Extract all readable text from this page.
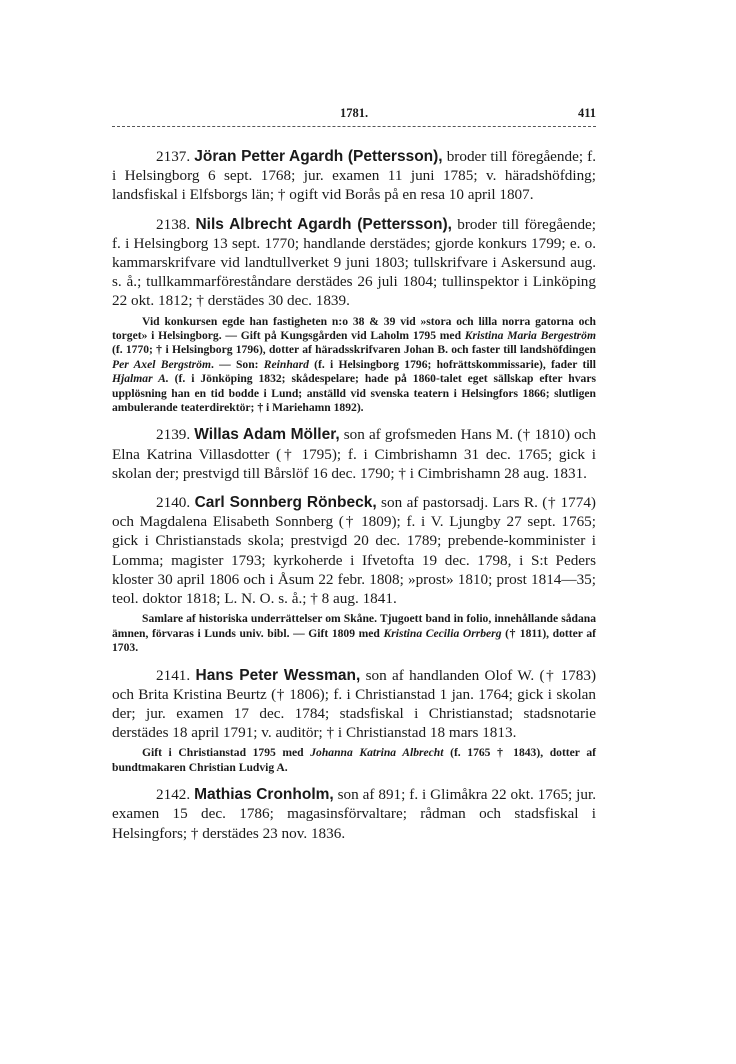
1781.	411

2137. Jöran Petter Agardh (Pettersson), broder till föregående; f. i Helsingborg 6 sept. 1768; jur. examen 11 juni 1785; v. häradshöfding; landsfiskal i Elfsborgs län; † ogift vid Borås på en resa 10 april 1807.

2138. Nils Albrecht Agardh (Pettersson), broder till föregående; f. i Helsingborg 13 sept. 1770; handlande derstädes; gjorde konkurs 1799; e. o. kammarskrifvare vid landtullverket 9 juni 1803; tullskrifvare i Askersund aug. s. å.; tullkammarföreståndare derstädes 26 juli 1804; tullinspektor i Linköping 22 okt. 1812; † derstädes 30 dec. 1839.

Vid konkursen egde han fastigheten n:o 38 & 39 vid »stora och lilla norra gatorna och torget» i Helsingborg. — Gift på Kungsgården vid Laholm 1795 med Kristina Maria Bergeström (f. 1770; † i Helsingborg 1796), dotter af häradsskrifvaren Johan B. och faster till landshöfdingen Per Axel Bergström. — Son: Reinhard (f. i Helsingborg 1796; hofrättskommissarie), fader till Hjalmar A. (f. i Jönköping 1832; skådespelare; hade på 1860-talet eget sällskap efter hvars upplösning han en tid bodde i Lund; anställd vid svenska teatern i Helsingfors 1866; slutligen ambulerande teaterdirektör; † i Mariehamn 1892).

2139. Willas Adam Möller, son af grofsmeden Hans M. († 1810) och Elna Katrina Villasdotter († 1795); f. i Cimbrishamn 31 dec. 1765; gick i skolan der; prestvigd till Bårslöf 16 dec. 1790; † i Cimbrishamn 28 aug. 1831.

2140. Carl Sonnberg Rönbeck, son af pastorsadj. Lars R. († 1774) och Magdalena Elisabeth Sonnberg († 1809); f. i V. Ljungby 27 sept. 1765; gick i Christianstads skola; prestvigd 20 dec. 1789; prebende-komminister i Lomma; magister 1793; kyrkoherde i Ifvetofta 19 dec. 1798, i S:t Peders kloster 30 april 1806 och i Åsum 22 febr. 1808; »prost» 1810; prost 1814—35; teol. doktor 1818; L. N. O. s. å.; † 8 aug. 1841.

Samlare af historiska underrättelser om Skåne. Tjugoett band in folio, innehållande sådana ämnen, förvaras i Lunds univ. bibl. — Gift 1809 med Kristina Cecilia Orrberg († 1811), dotter af 1703.

2141. Hans Peter Wessman, son af handlanden Olof W. († 1783) och Brita Kristina Beurtz († 1806); f. i Christianstad 1 jan. 1764; gick i skolan der; jur. examen 17 dec. 1784; stadsfiskal i Christianstad; stadsnotarie derstädes 18 april 1791; v. auditör; † i Christianstad 18 mars 1813.

Gift i Christianstad 1795 med Johanna Katrina Albrecht (f. 1765 † 1843), dotter af bundtmakaren Christian Ludvig A.

2142. Mathias Cronholm, son af 891; f. i Glimåkra 22 okt. 1765; jur. examen 15 dec. 1786; magasinsförvaltare; rådman och stadsfiskal i Helsingfors; † derstädes 23 nov. 1836.
